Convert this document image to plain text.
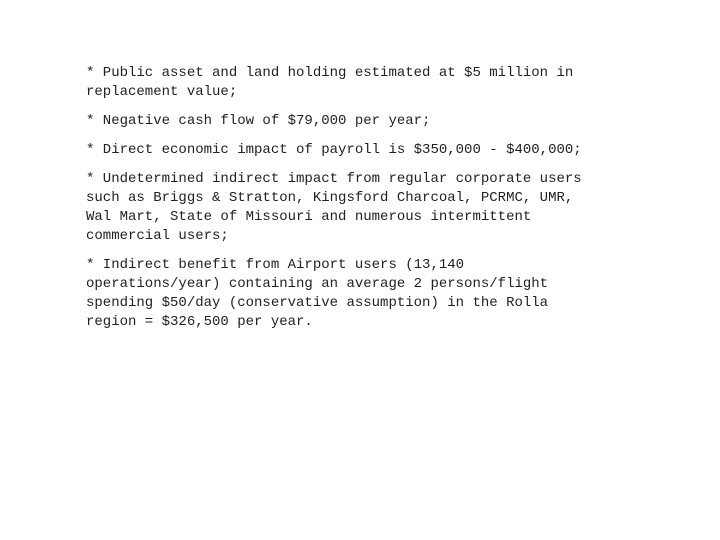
* Public asset and land holding estimated at $5 million in
replacement value;

* Negative cash flow of $79,000 per year;

* Direct economic impact of payroll is $350,000 - $400,000;

* Undetermined indirect impact from regular corporate users
such as Briggs & Stratton, Kingsford Charcoal, PCRMC, UMR,
Wal Mart, State of Missouri and numerous intermittent
commercial users;

* Indirect benefit from Airport users (13,140
operations/year) containing an average 2 persons/flight
spending $50/day (conservative assumption) in the Rolla
region = $326,500 per year.
